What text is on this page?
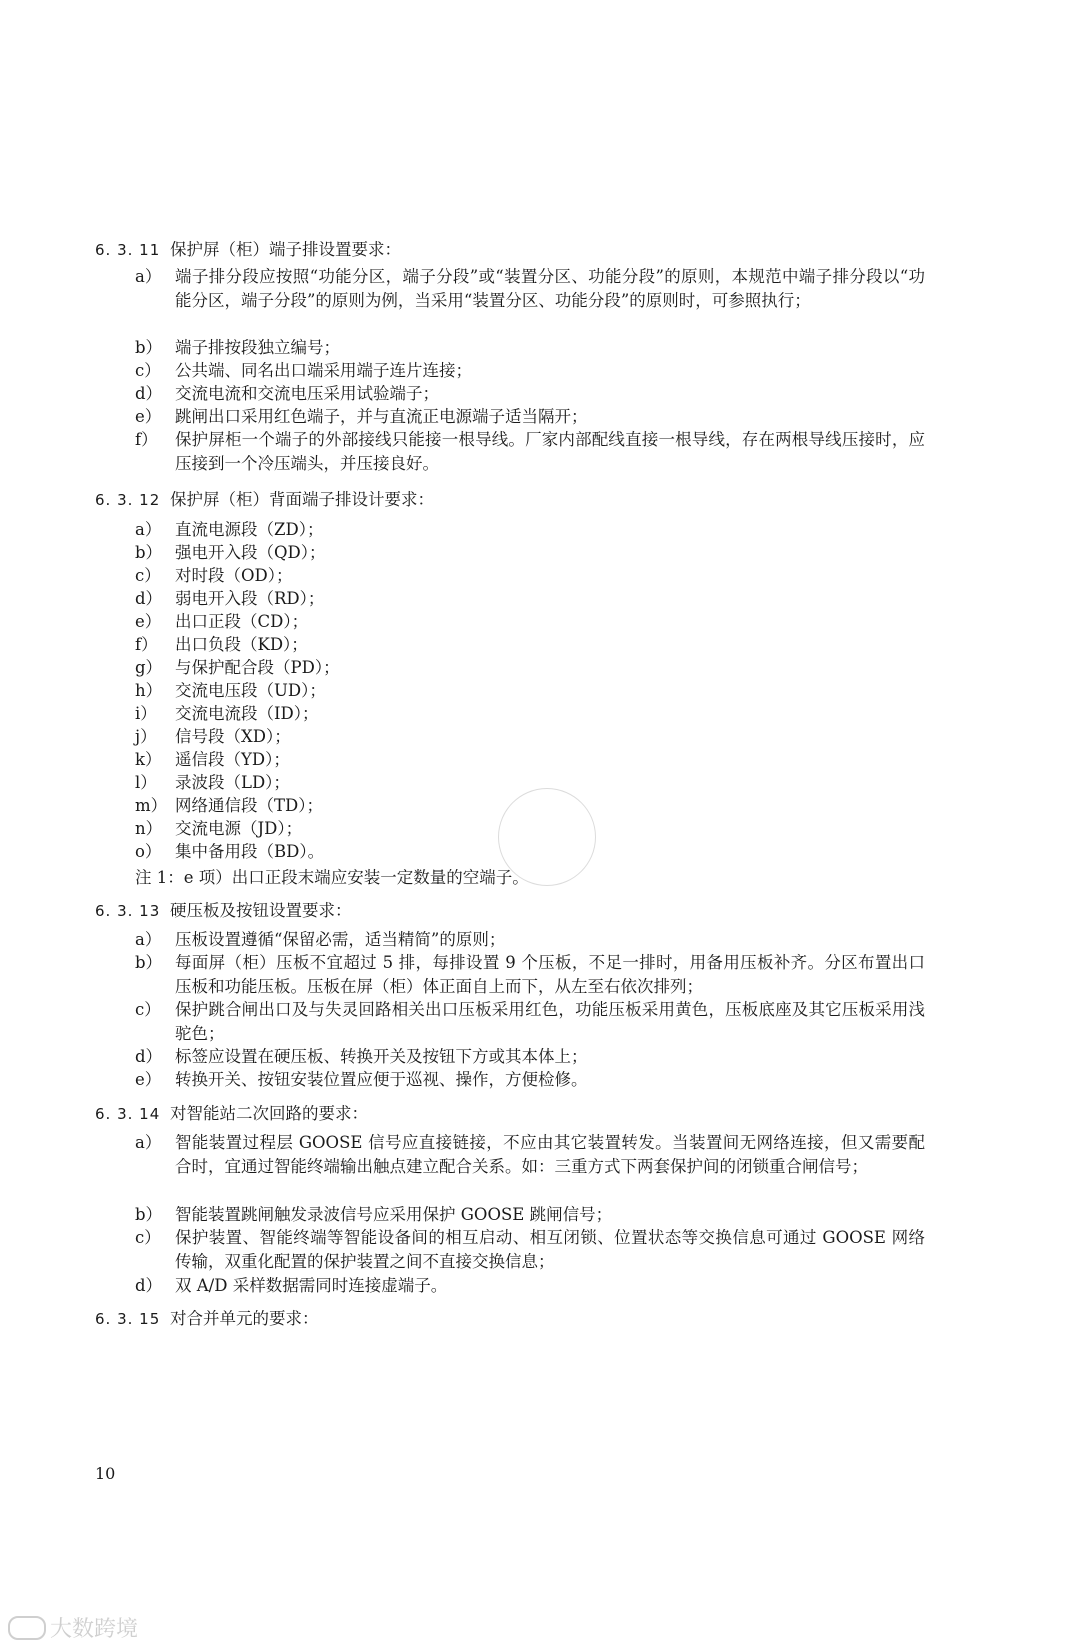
6. 3. 11 保护屏（柜）端子排设置要求：
a） 端子排分段应按照“功能分区，端子分段”或“装置分区、功能分段”的原则，本规范中端子排分段以“功能分区，端子分段”的原则为例，当采用“装置分区、功能分段”的原则时，可参照执行；
b） 端子排按段独立编号；
c） 公共端、同名出口端采用端子连片连接；
d） 交流电流和交流电压采用试验端子；
e） 跳闸出口采用红色端子，并与直流正电源端子适当隔开；
f）	保护屏柜一个端子的外部接线只能接一根导线。厂家内部配线直接一根导线，存在两根导线压接时，应压接到一个冷压端头，并压接良好。
6. 3. 12 保护屏（柜）背面端子排设计要求：
a） 直流电源段（ZD）；
b） 强电开入段（QD）；
c） 对时段（OD）；
d） 弱电开入段（RD）；
e） 出口正段（CD）；
f）	出口负段（KD）；
g） 与保护配合段（PD）；
h） 交流电压段（UD）；
i）	交流电流段（ID）；
j）	信号段（XD）；
k） 遥信段（YD）；
l）	录波段（LD）；
m） 网络通信段（TD）；
n） 交流电源（JD）；
o） 集中备用段（BD）。
注 1：e 项）出口正段末端应安装一定数量的空端子。
6. 3. 13 硬压板及按钮设置要求：
a） 压板设置遵循“保留必需，适当精简”的原则；
b） 每面屏（柜）压板不宜超过 5 排，每排设置 9 个压板，不足一排时，用备用压板补齐。分区布置出口压板和功能压板。压板在屏（柜）体正面自上而下，从左至右依次排列；
c） 保护跳合闸出口及与失灵回路相关出口压板采用红色，功能压板采用黄色，压板底座及其它压板采用浅驼色；
d） 标签应设置在硬压板、转换开关及按钮下方或其本体上；
e） 转换开关、按钮安装位置应便于巡视、操作，方便检修。
6. 3. 14 对智能站二次回路的要求：
a） 智能装置过程层 GOOSE 信号应直接链接，不应由其它装置转发。当装置间无网络连接，但又需要配合时，宜通过智能终端输出触点建立配合关系。如：三重方式下两套保护间的闭锁重合闸信号；
b） 智能装置跳闸触发录波信号应采用保护 GOOSE 跳闸信号；
c） 保护装置、智能终端等智能设备间的相互启动、相互闭锁、位置状态等交换信息可通过 GOOSE 网络传输，双重化配置的保护装置之间不直接交换信息；
d） 双 A/D 采样数据需同时连接虚端子。
6. 3. 15 对合并单元的要求：
10
大数跨境
